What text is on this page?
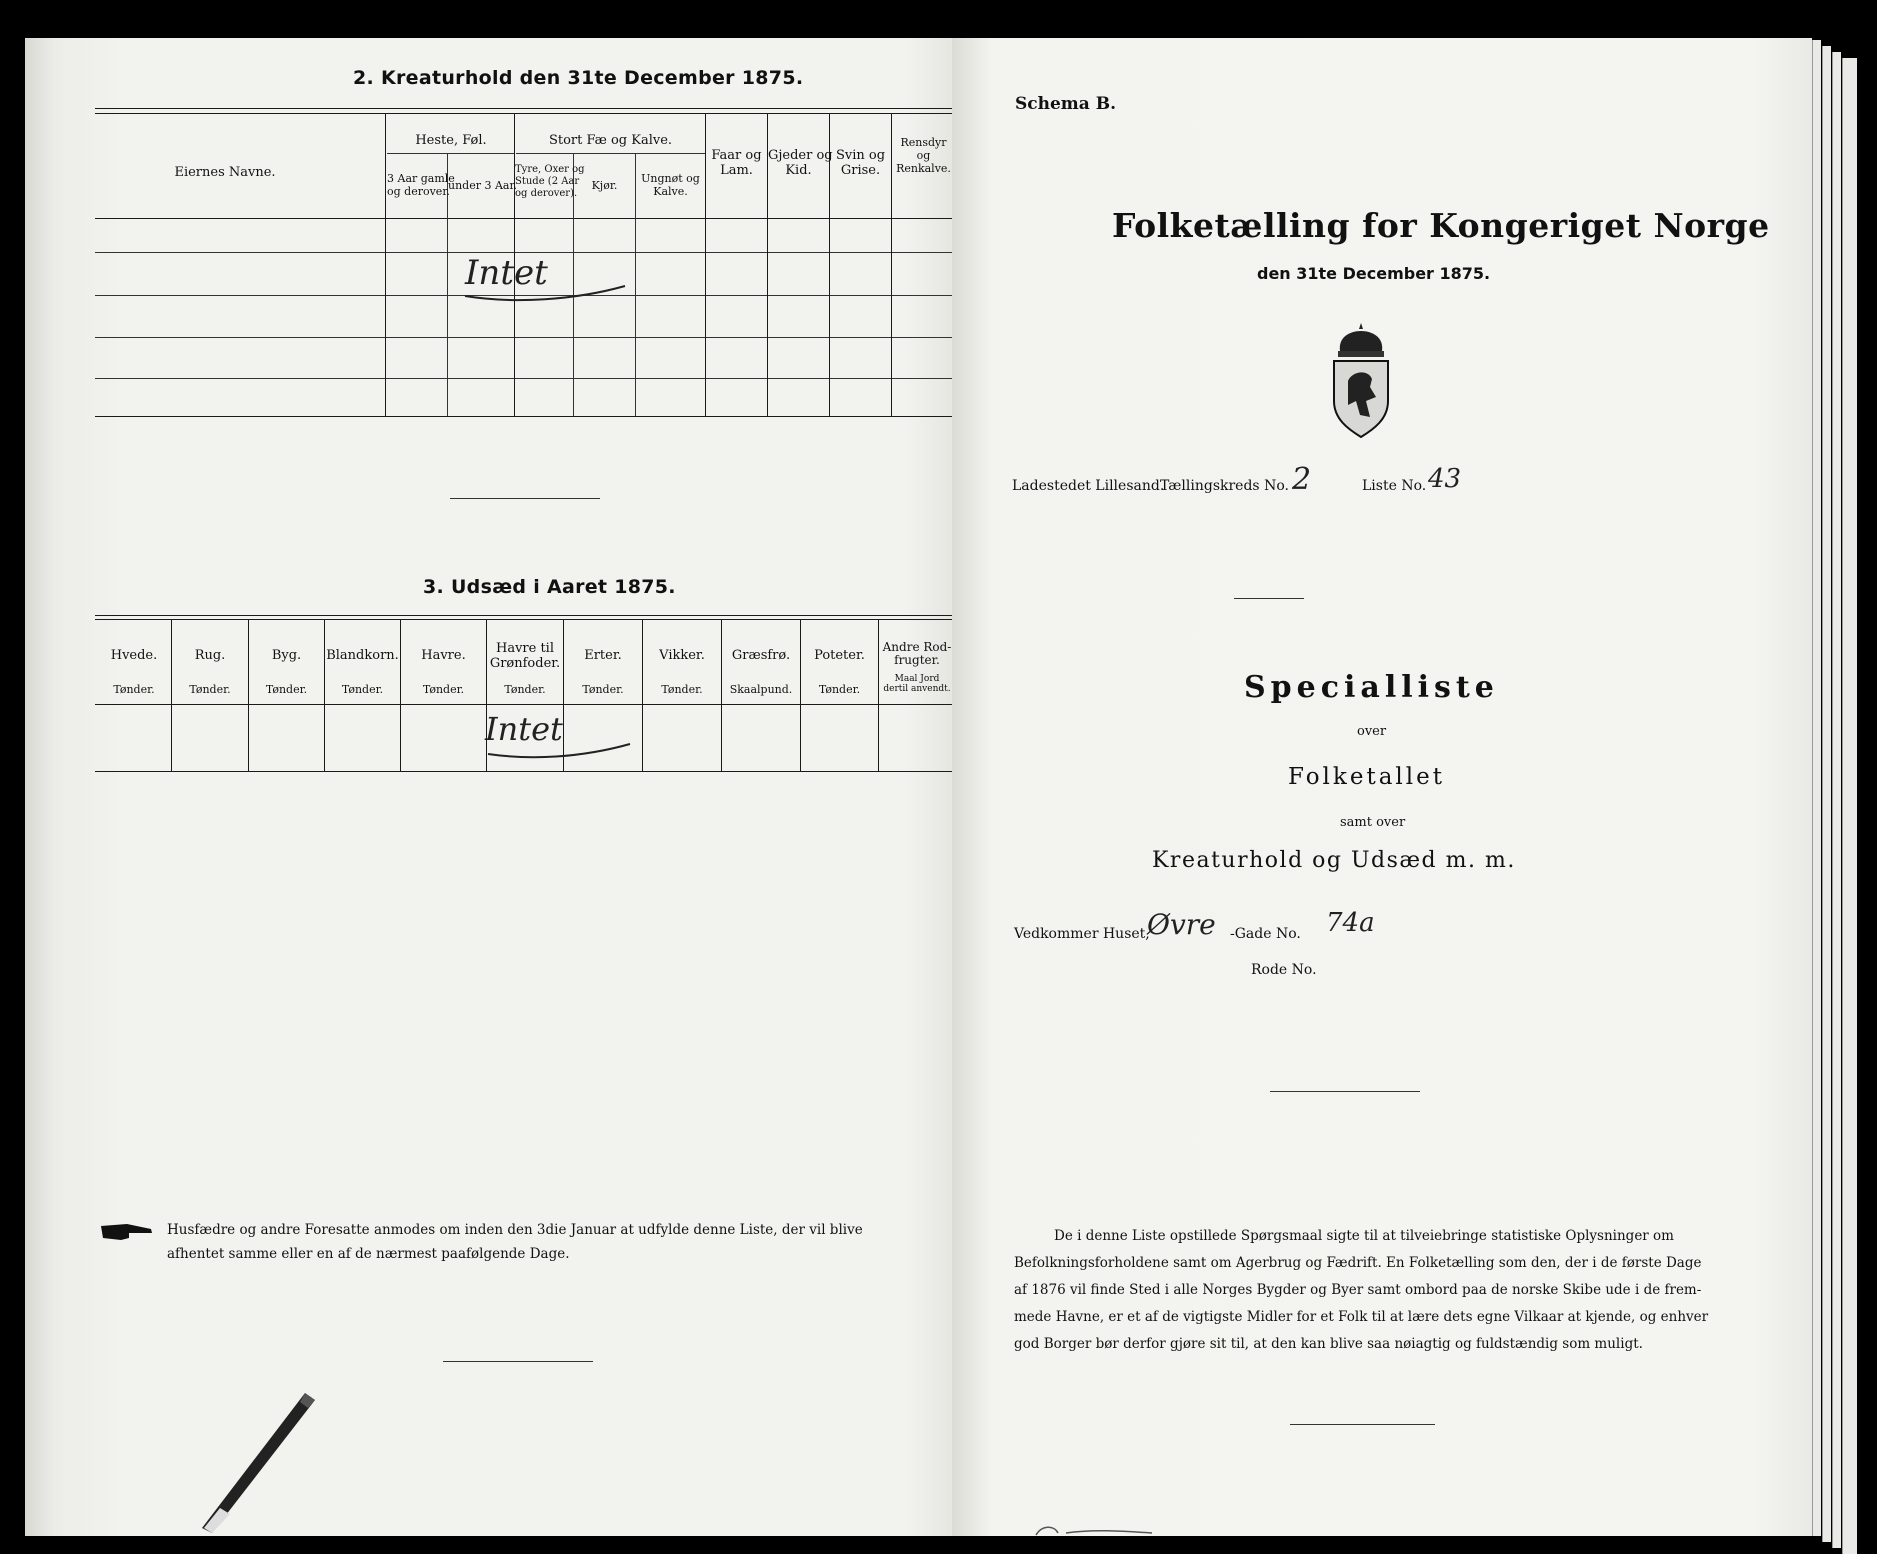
2. Kreaturhold den 31te December 1875.
Eiernes Navne.
Heste, Føl.	Stort Fæ og Kalve.
3 Aar gamle
og derover.
under 3 Aar.
Tyre, Oxer og
Stude (2 Aar
og derover).
Kjør.
Ungnøt og
Kalve.
Faar og
Lam.
Gjeder og
Kid.
Svin og
Grise.
Rensdyr
og
Renkalve.
Intet
3. Udsæd i Aaret 1875.
Hvede.
Tønder.
Rug.
Tønder.
Byg.
Tønder.
Blandkorn.
Tønder.
Havre.
Tønder.
Havre til
Grønfoder.
Tønder.
Erter.
Tønder.
Vikker.
Tønder.
Græsfrø.
Skaalpund.
Poteter.
Tønder.
Andre Rod-
frugter.
Maal Jord
dertil anvendt.
Intet
Husfædre og andre Foresatte anmodes om inden den 3die Januar at udfylde denne Liste, der vil blive
afhentet samme eller en af de nærmest paafølgende Dage.
Schema B.
Folketælling for Kongeriget Norge
den 31te December 1875.
Ladestedet Lillesand.
Tællingskreds No. 2	Liste No. 43
Specialliste
over
Folketallet
samt over
Kreaturhold og Udsæd m. m.
Vedkommer Huset,
Øvre -Gade No. 74a
Rode No.
De i denne Liste opstillede Spørgsmaal sigte til at tilveiebringe statistiske Oplysninger om
Befolkningsforholdene samt om Agerbrug og Fædrift. En Folketælling som den, der i de første Dage
af 1876 vil finde Sted i alle Norges Bygder og Byer samt ombord paa de norske Skibe ude i de frem-
mede Havne, er et af de vigtigste Midler for et Folk til at lære dets egne Vilkaar at kjende, og enhver
god Borger bør derfor gjøre sit til, at den kan blive saa nøiagtig og fuldstændig som muligt.
